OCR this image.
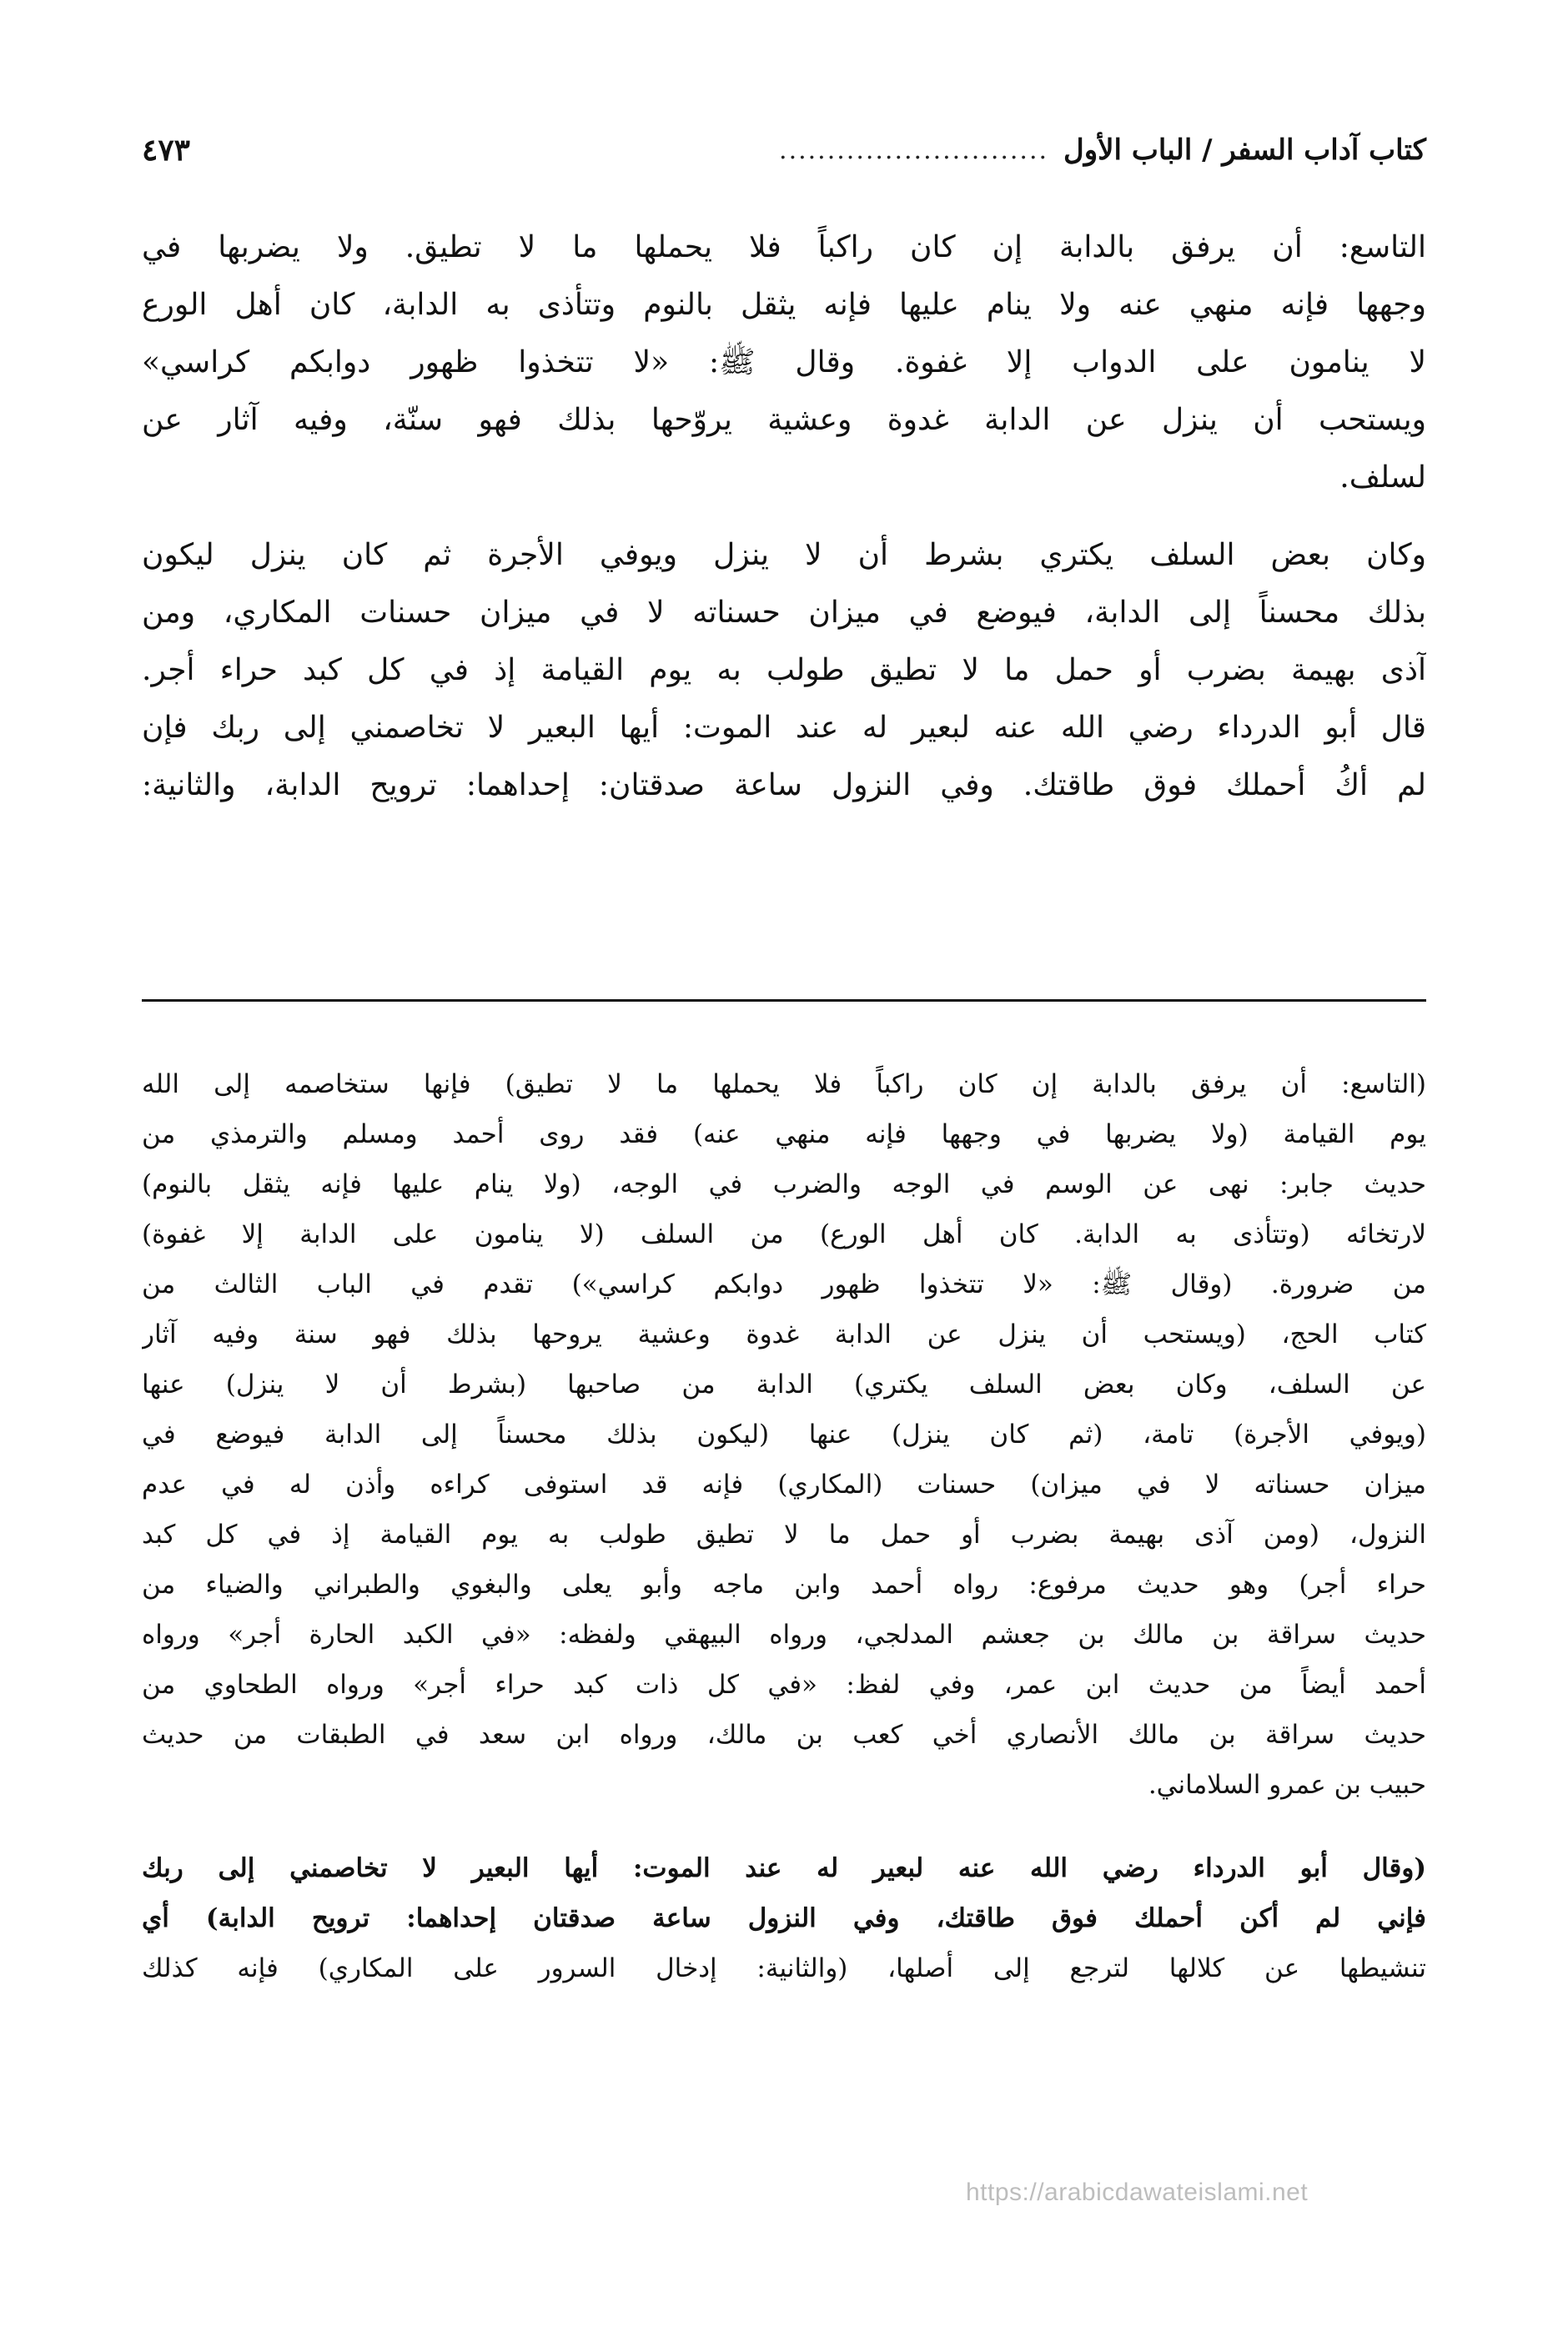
كتاب آداب السفر / الباب الأول
............................
٤٧٣

التاسع: أن يرفق بالدابة إن كان راكباً فلا يحملها ما لا تطيق. ولا يضربها في
وجهها فإنه منهي عنه ولا ينام عليها فإنه يثقل بالنوم وتتأذى به الدابة، كان أهل الورع
لا ينامون على الدواب إلا غفوة. وقال ﷺ: «لا تتخذوا ظهور دوابكم كراسي»
ويستحب أن ينزل عن الدابة غدوة وعشية يروّحها بذلك فهو سنّة، وفيه آثار عن
لسلف.

وكان بعض السلف يكتري بشرط أن لا ينزل ويوفي الأجرة ثم كان ينزل ليكون
بذلك محسناً إلى الدابة، فيوضع في ميزان حسناته لا في ميزان حسنات المكاري، ومن
آذى بهيمة بضرب أو حمل ما لا تطيق طولب به يوم القيامة إذ في كل كبد حراء أجر.
قال أبو الدرداء رضي الله عنه لبعير له عند الموت: أيها البعير لا تخاصمني إلى ربك فإن
لم أكُ أحملك فوق طاقتك. وفي النزول ساعة صدقتان: إحداهما: ترويح الدابة، والثانية:

(التاسع: أن يرفق بالدابة إن كان راكباً فلا يحملها ما لا تطيق) فإنها ستخاصمه إلى الله
يوم القيامة (ولا يضربها في وجهها فإنه منهي عنه) فقد روى أحمد ومسلم والترمذي من
حديث جابر: نهى عن الوسم في الوجه والضرب في الوجه، (ولا ينام عليها فإنه يثقل بالنوم)
لارتخائه (وتتأذى به الدابة. كان أهل الورع) من السلف (لا ينامون على الدابة إلا غفوة)
من ضرورة. (وقال ﷺ: «لا تتخذوا ظهور دوابكم كراسي») تقدم في الباب الثالث من
كتاب الحج، (ويستحب أن ينزل عن الدابة غدوة وعشية يروحها بذلك فهو سنة وفيه آثار
عن السلف، وكان بعض السلف يكتري) الدابة من صاحبها (بشرط أن لا ينزل) عنها
(ويوفي الأجرة) تامة، (ثم كان ينزل) عنها (ليكون بذلك محسناً إلى الدابة فيوضع في
ميزان حسناته لا في ميزان) حسنات (المكاري) فإنه قد استوفى كراءه وأذن له في عدم
النزول، (ومن آذى بهيمة بضرب أو حمل ما لا تطيق طولب به يوم القيامة إذ في كل كبد
حراء أجر) وهو حديث مرفوع: رواه أحمد وابن ماجه وأبو يعلى والبغوي والطبراني والضياء من
حديث سراقة بن مالك بن جعشم المدلجي، ورواه البيهقي ولفظه: «في الكبد الحارة أجر» ورواه
أحمد أيضاً من حديث ابن عمر، وفي لفظ: «في كل ذات كبد حراء أجر» ورواه الطحاوي من
حديث سراقة بن مالك الأنصاري أخي كعب بن مالك، ورواه ابن سعد في الطبقات من حديث
حبيب بن عمرو السلاماني.
(وقال أبو الدرداء رضي الله عنه لبعير له عند الموت: أيها البعير لا تخاصمني إلى ربك
فإني لم أكن أحملك فوق طاقتك، وفي النزول ساعة صدقتان إحداهما: ترويح الدابة) أي
تنشيطها عن كلالها لترجع إلى أصلها، (والثانية: إدخال السرور على المكاري) فإنه كذلك
https://arabicdawateislami.net
